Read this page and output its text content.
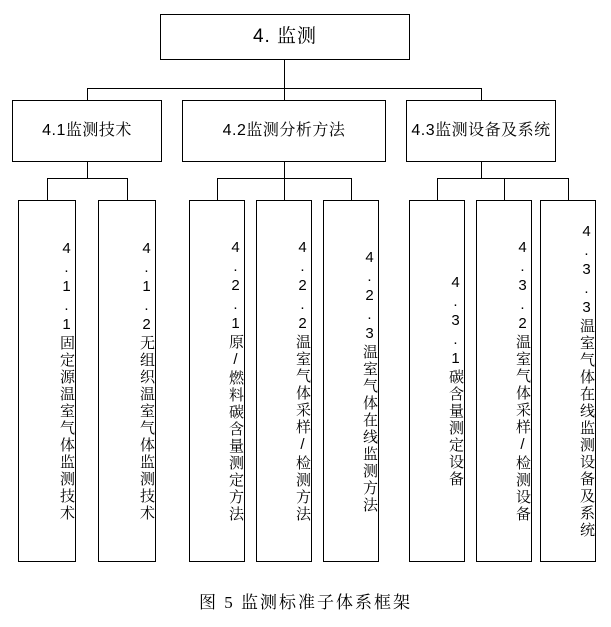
4. 监测
4.1监测技术	4.2监测分析方法	4.3监测设备及系统
4.1.1固定源温室气体监测技术	4.1.2无组织温室气体监测技术	4.2.1原/燃料碳含量测定方法	4.2.2温室气体采样/检测方法	4.2.3温室气体在线监测方法	4.3.1碳含量测定设备	4.3.2温室气体采样/检测设备	4.3.3温室气体在线监测设备及系统
图 5 监测标准子体系框架
